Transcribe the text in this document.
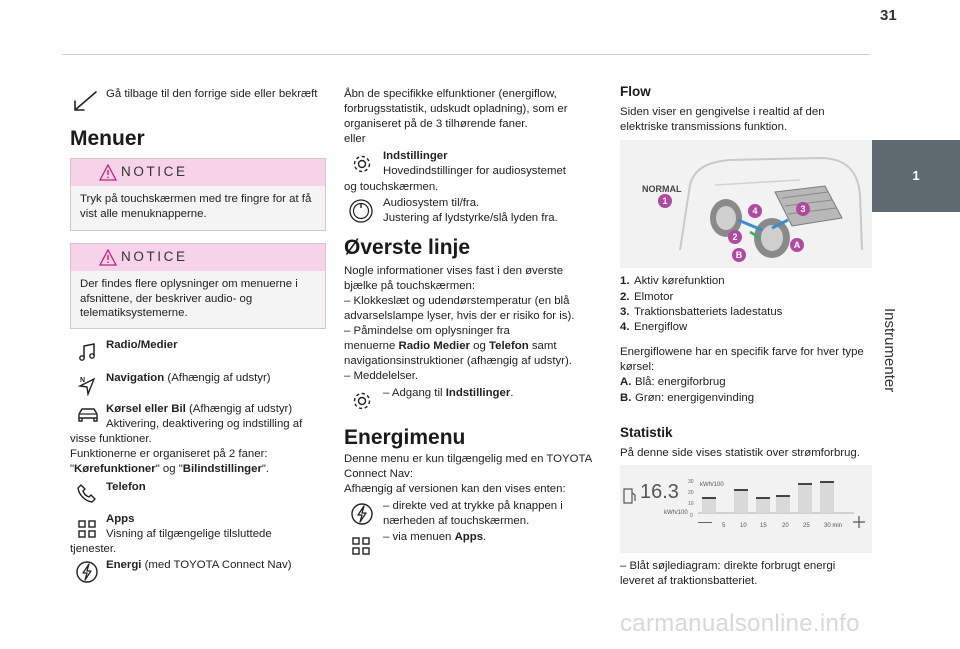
31
1
Instrumenter
Gå tilbage til den forrige side eller bekræft
Menuer
NOTICE
Tryk på touchskærmen med tre fingre for at få
vist alle menuknapperne.
NOTICE
Der findes flere oplysninger om menuerne i
afsnittene, der beskriver audio- og
telematiksystemerne.
Radio/Medier
N Navigation (Afhængig af udstyr)
Kørsel eller Bil (Afhængig af udstyr)
Aktivering, deaktivering og indstilling af
visse funktioner.
Funktionerne er organiseret på 2 faner:
"Kørefunktioner" og "Bilindstillinger".
Telefon
Apps
Visning af tilgængelige tilsluttede
tjenester.
Energi (med TOYOTA Connect Nav)
Åbn de specifikke elfunktioner (energiflow,
forbrugsstatistik, udskudt opladning), som er
organiseret på de 3 tilhørende faner.
eller
Indstillinger
Hovedindstillinger for audiosystemet
og touchskærmen.
Audiosystem til/fra.
Justering af lydstyrke/slå lyden fra.
Øverste linje
Nogle informationer vises fast i den øverste
bjælke på touchskærmen:
– Klokkeslæt og udendørstemperatur (en blå
advarselslampe lyser, hvis der er risiko for is).
– Påmindelse om oplysninger fra
menuerne Radio Medier og Telefon samt
navigationsinstruktioner (afhængig af udstyr).
– Meddelelser.
– Adgang til Indstillinger.
Energimenu
Denne menu er kun tilgængelig med en TOYOTA
Connect Nav:
Afhængig af versionen kan den vises enten:
– direkte ved at trykke på knappen i
nærheden af touchskærmen.
– via menuen Apps.
Flow
Siden viser en gengivelse i realtid af den
elektriske transmissions funktion.
NORMAL
1
2
3
4
A
B
1. Aktiv kørefunktion
2. Elmotor
3. Traktionsbatteriets ladestatus
4. Energiflow
Energiflowene har en specifik farve for hver type
kørsel:
A. Blå: energiforbrug
B. Grøn: energigenvinding
Statistik
På denne side vises statistik over strømforbrug.
16.3
kWh/100
kWh/100
30
20
10
0
5 10 15	20 25 30 min
– Blåt søjlediagram: direkte forbrugt energi
leveret af traktionsbatteriet.
carmanualsonline.info
